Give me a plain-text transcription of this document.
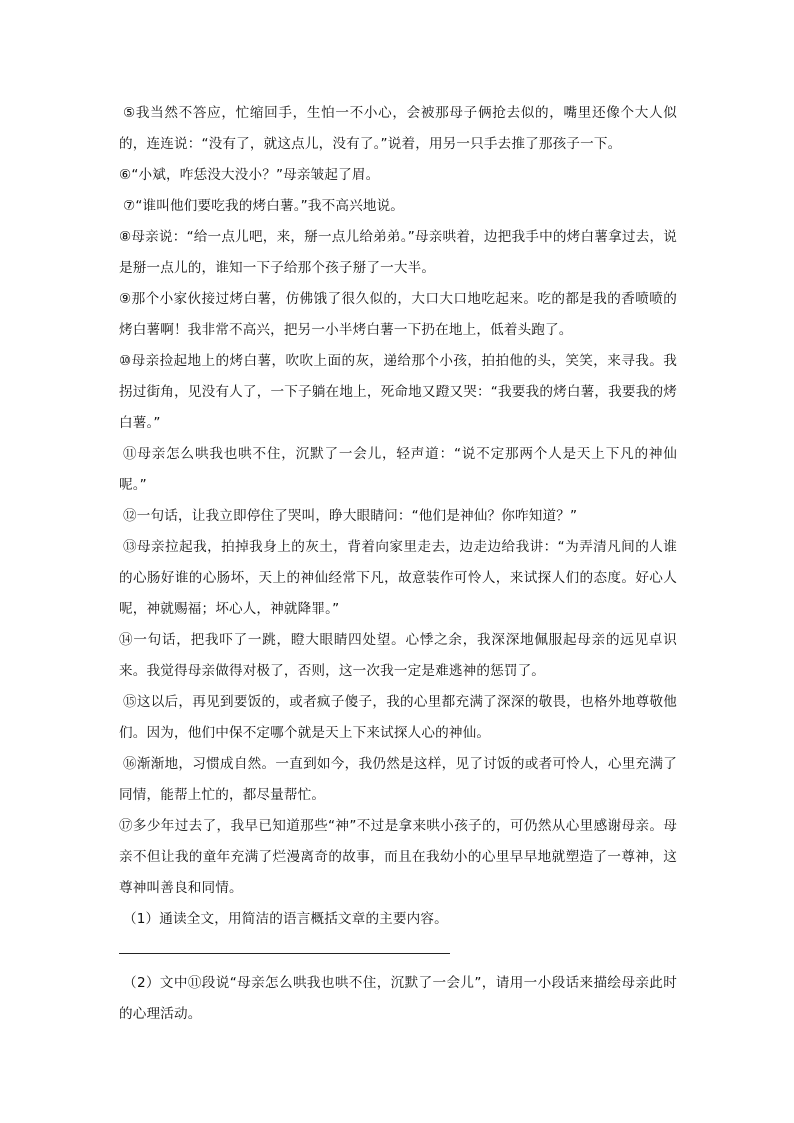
⑤我当然不答应，忙缩回手，生怕一不小心，会被那母子俩抢去似的，嘴里还像个大人似的，连连说：“没有了，就这点儿，没有了。”说着，用另一只手去推了那孩子一下。

⑥“小斌，咋恁没大没小？”母亲皱起了眉。

⑦“谁叫他们要吃我的烤白薯。”我不高兴地说。

⑧母亲说：“给一点儿吧，来，掰一点儿给弟弟。”母亲哄着，边把我手中的烤白薯拿过去，说是掰一点儿的，谁知一下子给那个孩子掰了一大半。

⑨那个小家伙接过烤白薯，仿佛饿了很久似的，大口大口地吃起来。吃的都是我的香喷喷的烤白薯啊！我非常不高兴，把另一小半烤白薯一下扔在地上，低着头跑了。

⑩母亲捡起地上的烤白薯，吹吹上面的灰，递给那个小孩，拍拍他的头，笑笑，来寻我。我拐过街角，见没有人了，一下子躺在地上，死命地又蹬又哭：“我要我的烤白薯，我要我的烤白薯。”

⑪母亲怎么哄我也哄不住，沉默了一会儿，轻声道：“说不定那两个人是天上下凡的神仙呢。”

⑫一句话，让我立即停住了哭叫，睁大眼睛问：“他们是神仙？你咋知道？”

⑬母亲拉起我，拍掉我身上的灰土，背着向家里走去，边走边给我讲：“为弄清凡间的人谁的心肠好谁的心肠坏，天上的神仙经常下凡，故意装作可怜人，来试探人们的态度。好心人呢，神就赐福；坏心人，神就降罪。”

⑭一句话，把我吓了一跳，瞪大眼睛四处望。心悸之余，我深深地佩服起母亲的远见卓识来。我觉得母亲做得对极了，否则，这一次我一定是难逃神的惩罚了。

⑮这以后，再见到要饭的，或者疯子傻子，我的心里都充满了深深的敬畏，也格外地尊敬他们。因为，他们中保不定哪个就是天上下来试探人心的神仙。

⑯渐渐地，习惯成自然。一直到如今，我仍然是这样，见了讨饭的或者可怜人，心里充满了同情，能帮上忙的，都尽量帮忙。

⑰多少年过去了，我早已知道那些“神”不过是拿来哄小孩子的，可仍然从心里感谢母亲。母亲不但让我的童年充满了烂漫离奇的故事，而且在我幼小的心里早早地就塑造了一尊神，这尊神叫善良和同情。

（1）通读全文，用简洁的语言概括文章的主要内容。

（2）文中⑪段说“母亲怎么哄我也哄不住，沉默了一会儿”，请用一小段话来描绘母亲此时的心理活动。
